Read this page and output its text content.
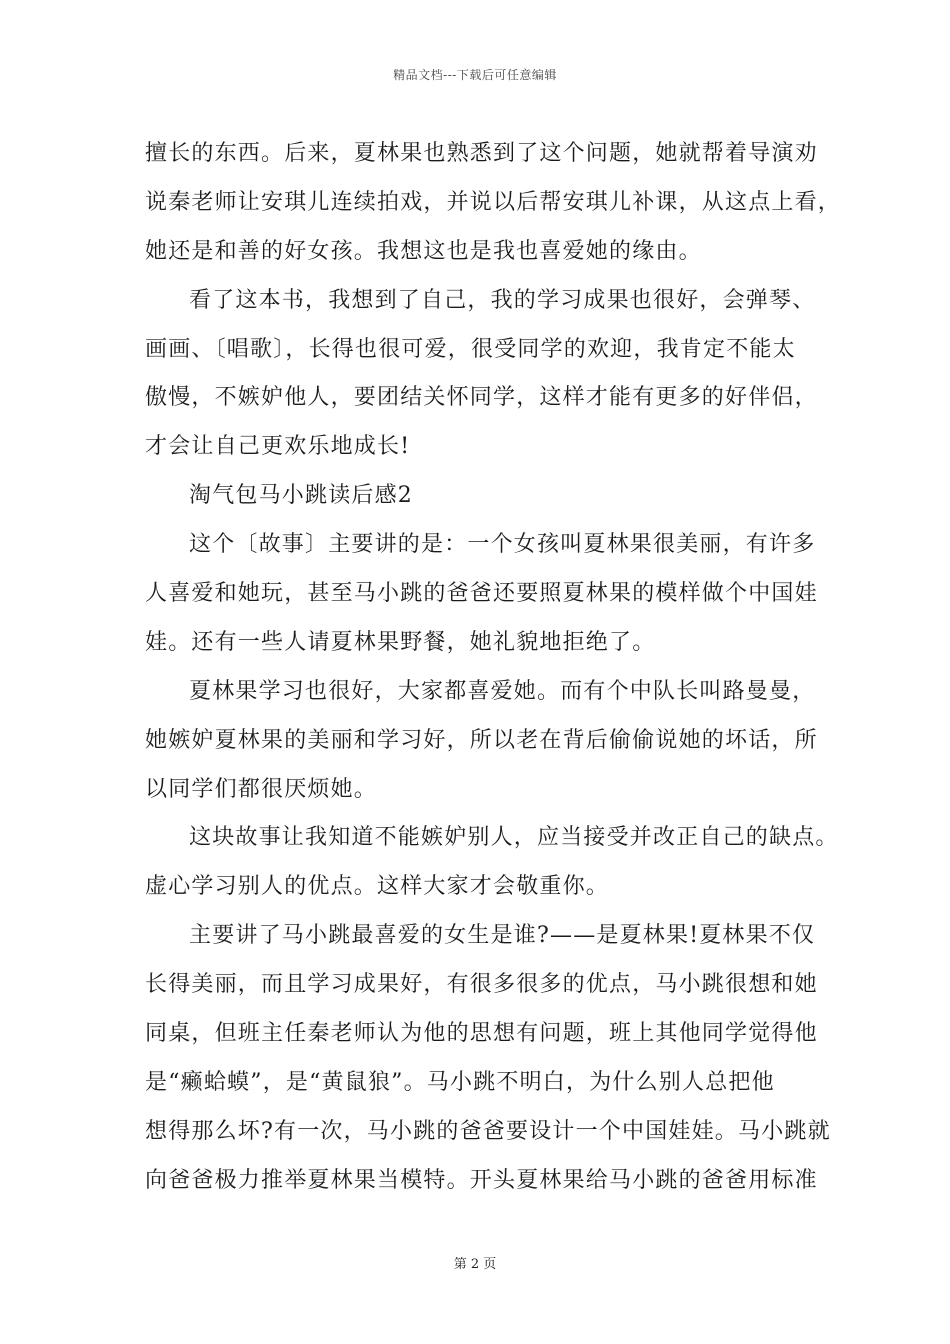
精品文档---下载后可任意编辑
擅长的东西。后来，夏林果也熟悉到了这个问题，她就帮着导演劝
说秦老师让安琪儿连续拍戏，并说以后帮安琪儿补课，从这点上看，
她还是和善的好女孩。我想这也是我也喜爱她的缘由。
看了这本书，我想到了自己，我的学习成果也很好，会弹琴、
画画、〔唱歌〕，长得也很可爱，很受同学的欢迎，我肯定不能太
傲慢，不嫉妒他人，要团结关怀同学，这样才能有更多的好伴侣，
才会让自己更欢乐地成长!
淘气包马小跳读后感2
这个〔故事〕主要讲的是：一个女孩叫夏林果很美丽，有许多
人喜爱和她玩，甚至马小跳的爸爸还要照夏林果的模样做个中国娃
娃。还有一些人请夏林果野餐，她礼貌地拒绝了。
夏林果学习也很好，大家都喜爱她。而有个中队长叫路曼曼，
她嫉妒夏林果的美丽和学习好，所以老在背后偷偷说她的坏话，所
以同学们都很厌烦她。
这块故事让我知道不能嫉妒别人，应当接受并改正自己的缺点。
虚心学习别人的优点。这样大家才会敬重你。
主要讲了马小跳最喜爱的女生是谁?——是夏林果!夏林果不仅
长得美丽，而且学习成果好，有很多很多的优点，马小跳很想和她
同桌，但班主任秦老师认为他的思想有问题，班上其他同学觉得他
是“癞蛤蟆”，是“黄鼠狼”。马小跳不明白，为什么别人总把他
想得那么坏?有一次，马小跳的爸爸要设计一个中国娃娃。马小跳就
向爸爸极力推举夏林果当模特。开头夏林果给马小跳的爸爸用标准
第 2 页
